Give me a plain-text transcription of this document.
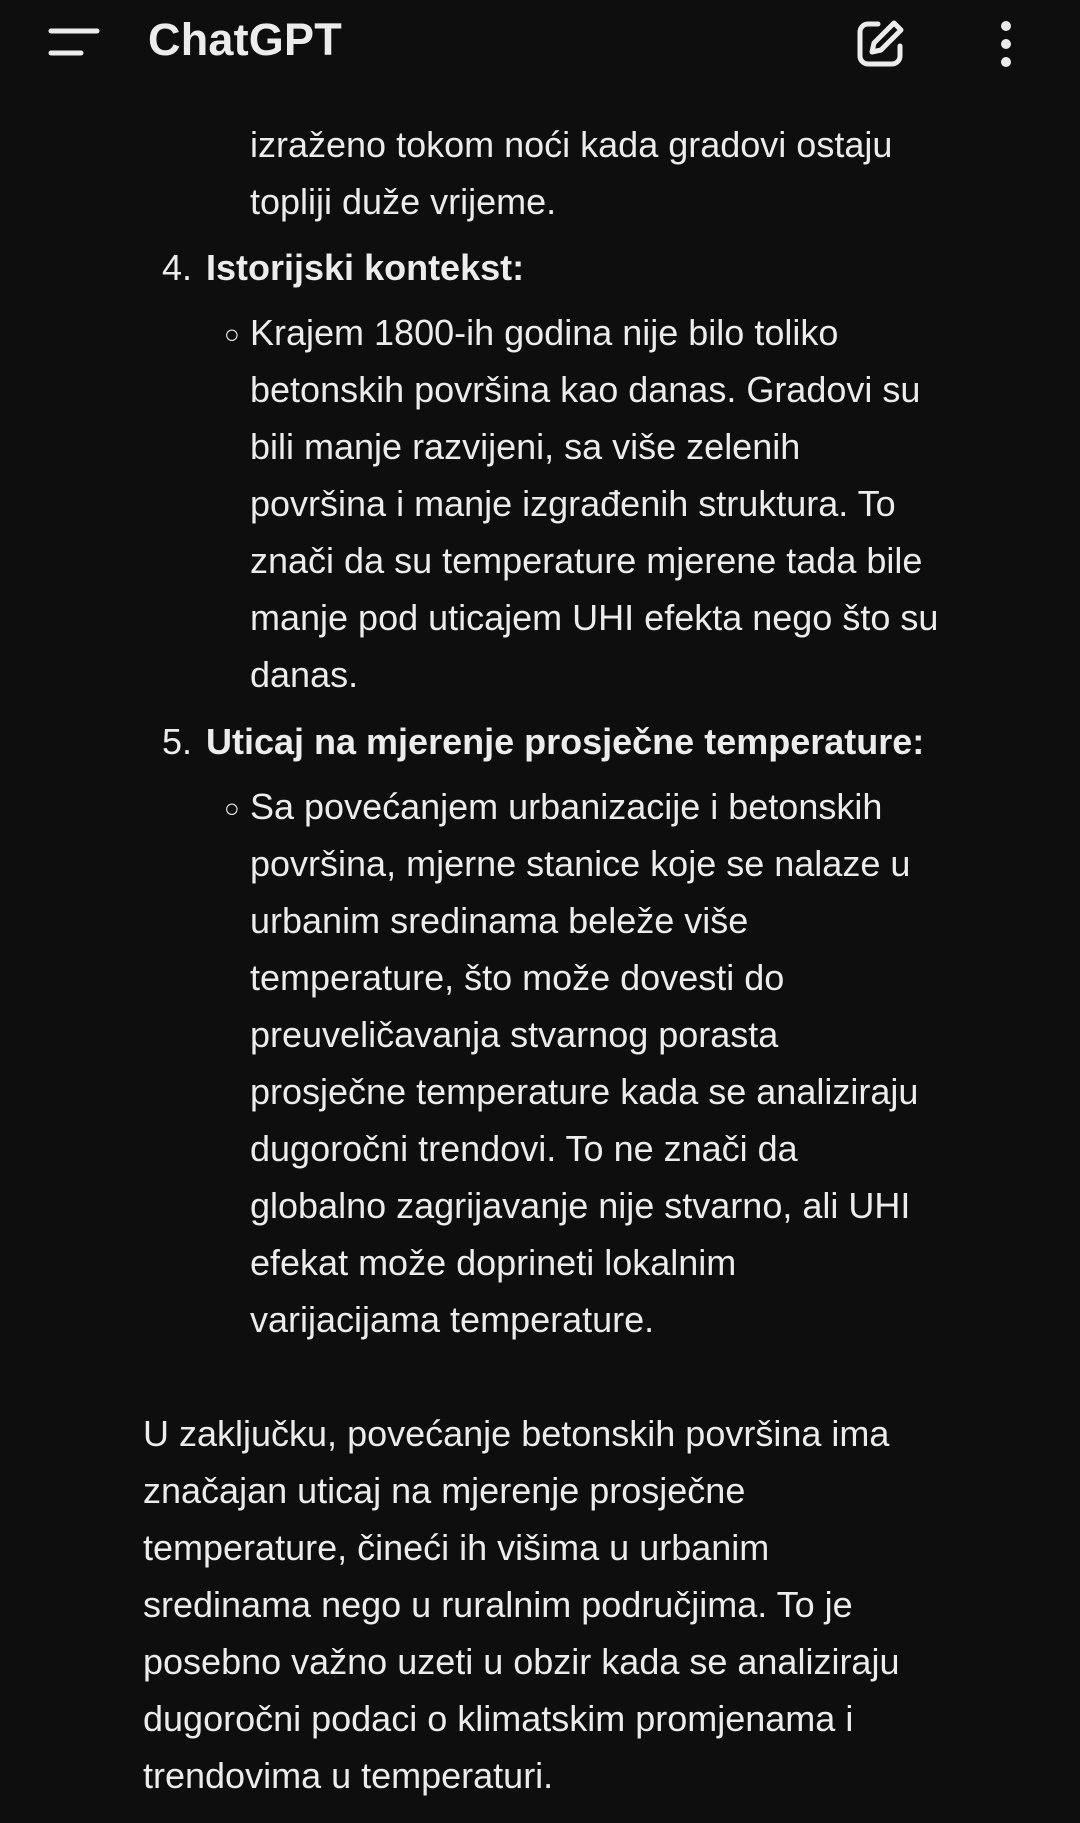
izraženo tokom noći kada gradovi ostaju
topliji duže vrijeme.
4. Istorijski kontekst:
○ Krajem 1800-ih godina nije bilo toliko
betonskih površina kao danas. Gradovi su
bili manje razvijeni, sa više zelenih
površina i manje izgrađenih struktura. To
znači da su temperature mjerene tada bile
manje pod uticajem UHI efekta nego što su
danas.
5. Uticaj na mjerenje prosječne temperature:
○ Sa povećanjem urbanizacije i betonskih
površina, mjerne stanice koje se nalaze u
urbanim sredinama beleže više
temperature, što može dovesti do
preuveličavanja stvarnog porasta
prosječne temperature kada se analiziraju
dugoročni trendovi. To ne znači da
globalno zagrijavanje nije stvarno, ali UHI
efekat može doprineti lokalnim
varijacijama temperature.
U zaključku, povećanje betonskih površina ima
značajan uticaj na mjerenje prosječne
temperature, čineći ih višima u urbanim
sredinama nego u ruralnim područjima. To je
posebno važno uzeti u obzir kada se analiziraju
dugoročni podaci o klimatskim promjenama i
trendovima u temperaturi.
ChatGPT
